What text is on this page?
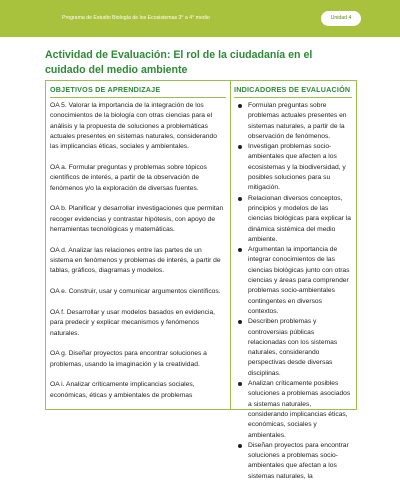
Programa de Estudio Biología de los Ecosistemas 3° a 4° medio	Unidad 4
Actividad de Evaluación: El rol de la ciudadanía en el cuidado del medio ambiente
OBJETIVOS DE APRENDIZAJE	INDICADORES DE EVALUACIÓN

OA 5. Valorar la importancia de la integración de los conocimientos de la biología con otras ciencias para el análisis y la propuesta de soluciones a problemáticas actuales presentes en sistemas naturales, considerando las implicancias éticas, sociales y ambientales.

OA a. Formular preguntas y problemas sobre tópicos científicos de interés, a partir de la observación de fenómenos y/o la exploración de diversas fuentes.

OA b. Planificar y desarrollar investigaciones que permitan recoger evidencias y contrastar hipótesis, con apoyo de herramientas tecnológicas y matemáticas.

OA d. Analizar las relaciones entre las partes de un sistema en fenómenos y problemas de interés, a partir de tablas, gráficos, diagramas y modelos.

OA e. Construir, usar y comunicar argumentos científicos.

OA f. Desarrollar y usar modelos basados en evidencia, para predecir y explicar mecanismos y fenómenos naturales.

OA g. Diseñar proyectos para encontrar soluciones a problemas, usando la imaginación y la creatividad.

OA i. Analizar críticamente implicancias sociales, económicas, éticas y ambientales de problemas

Formulan preguntas sobre problemas actuales presentes en sistemas naturales, a partir de la observación de fenómenos.
Investigan problemas socio-ambientales que afecten a los ecosistemas y la biodiversidad, y posibles soluciones para su mitigación.
Relacionan diversos conceptos, principios y modelos de las ciencias biológicas para explicar la dinámica sistémica del medio ambiente.
Argumentan la importancia de integrar conocimientos de las ciencias biológicas junto con otras ciencias y áreas para comprender problemas socio-ambientales contingentes en diversos contextos.
Describen problemas y controversias públicas relacionadas con los sistemas naturales, considerando perspectivas desde diversas disciplinas.
Analizan críticamente posibles soluciones a problemas asociados a sistemas naturales, considerando implicancias éticas, económicas, sociales y ambientales.
Diseñan proyectos para encontrar soluciones a problemas socio-ambientales que afectan a los sistemas naturales, la
